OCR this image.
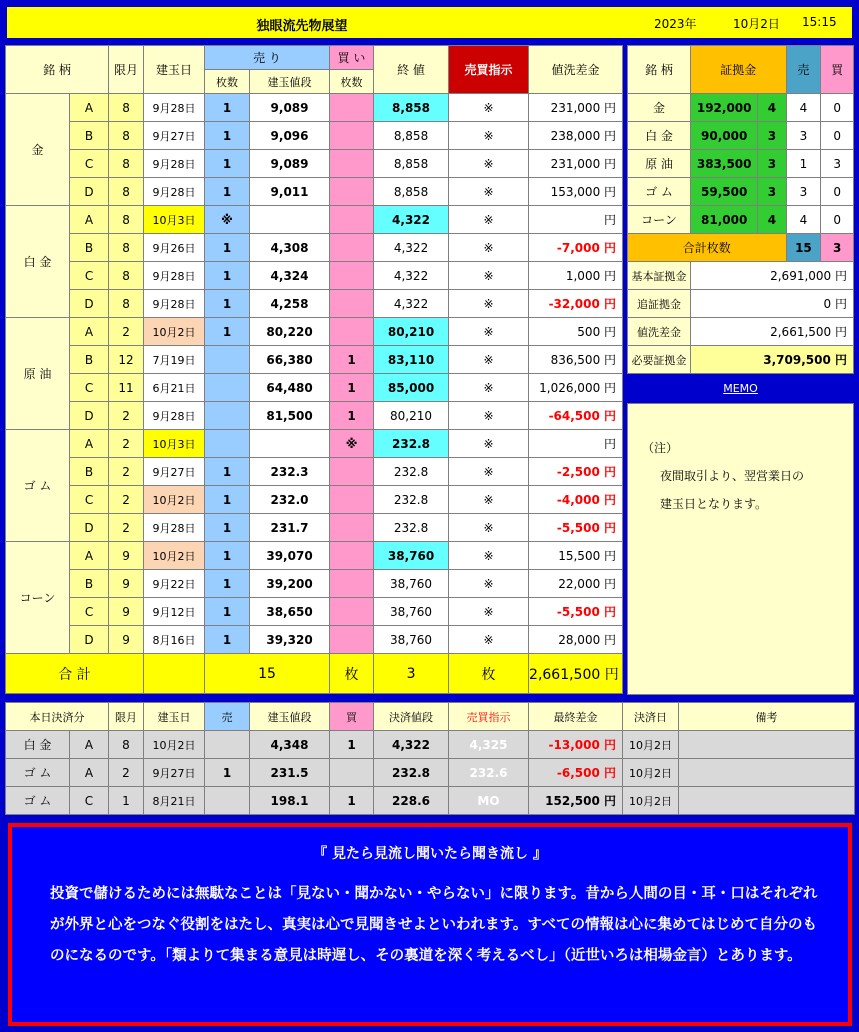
独眼流先物展望	2023年	10月2日 15:15
銘 柄		限月	建玉日	売 り		買 い	終 値	売買指示	値洗差金
				枚数	建玉値段	枚数			
金	A	8	9月28日	1	9,089		8,858	※	231,000 円
	B	8	9月27日	1	9,096		8,858	※	238,000 円
	C	8	9月28日	1	9,089		8,858	※	231,000 円
	D	8	9月28日	1	9,011		8,858	※	153,000 円
白 金	A	8	10月3日	※			4,322	※	円
	B	8	9月26日	1	4,308		4,322	※	-7,000 円
	C	8	9月28日	1	4,324		4,322	※	1,000 円
	D	8	9月28日	1	4,258		4,322	※	-32,000 円
原 油	A	2	10月2日	1	80,220		80,210	※	500 円
	B	12	7月19日		66,380	1	83,110	※	836,500 円
	C	11	6月21日		64,480	1	85,000	※	1,026,000 円
	D	2	9月28日		81,500	1	80,210	※	-64,500 円
ゴ ム	A	2	10月3日			※	232.8	※	円
	B	2	9月27日	1	232.3		232.8	※	-2,500 円
	C	2	10月2日	1	232.0		232.8	※	-4,000 円
	D	2	9月28日	1	231.7		232.8	※	-5,500 円
コーン	A	9	10月2日	1	39,070		38,760	※	15,500 円
	B	9	9月22日	1	39,200		38,760	※	22,000 円
	C	9	9月12日	1	38,650		38,760	※	-5,500 円
	D	9	8月16日	1	39,320		38,760	※	28,000 円
合 計				15		枚	3	枚	2,661,500 円
銘 柄	証拠金		売	買
金	192,000	4	4	0
白 金	90,000	3	3	0
原 油	383,500	3	1	3
ゴ ム	59,500	3	3	0
コーン	81,000	4	4	0
合計枚数			15	3
基本証拠金	2,691,000 円			
追証拠金	0 円			
値洗差金	2,661,500 円			
必要証拠金	3,709,500 円			
MEMO
（注）
夜間取引より、翌営業日の
建玉日となります。
本日決済分		限月	建玉日	売	建玉値段	買	決済値段	売買指示	最終差金	決済日	備考
白 金	A	8	10月2日		4,348	1	4,322	4,325	-13,000 円	10月2日	
ゴ ム	A	2	9月27日	1	231.5		232.8	232.6	-6,500 円	10月2日	
ゴ ム	C	1	8月21日		198.1	1	228.6	MO	152,500 円	10月2日	
『 見たら見流し聞いたら聞き流し 』
投資で儲けるためには無駄なことは「見ない・聞かない・やらない」に限ります。昔から人間の目・耳・口はそれぞれが外界と心をつなぐ役割をはたし、真実は心で見聞きせよといわれます。すべての情報は心に集めてはじめて自分のものになるのです。「類よりて集まる意見は時遅し、その裏道を深く考えるべし」（近世いろは相場金言）とあります。
